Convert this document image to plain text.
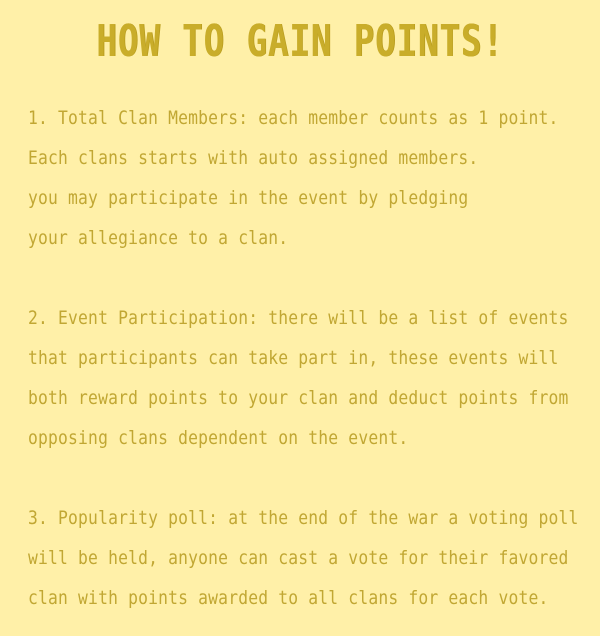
HOW TO GAIN POINTS!
1. Total Clan Members: each member counts as 1 point.
Each clans starts with auto assigned members.
you may participate in the event by pledging
your allegiance to a clan.
2. Event Participation: there will be a list of events
that participants can take part in, these events will
both reward points to your clan and deduct points from
opposing clans dependent on the event.
3. Popularity poll: at the end of the war a voting poll
will be held, anyone can cast a vote for their favored
clan with points awarded to all clans for each vote.
